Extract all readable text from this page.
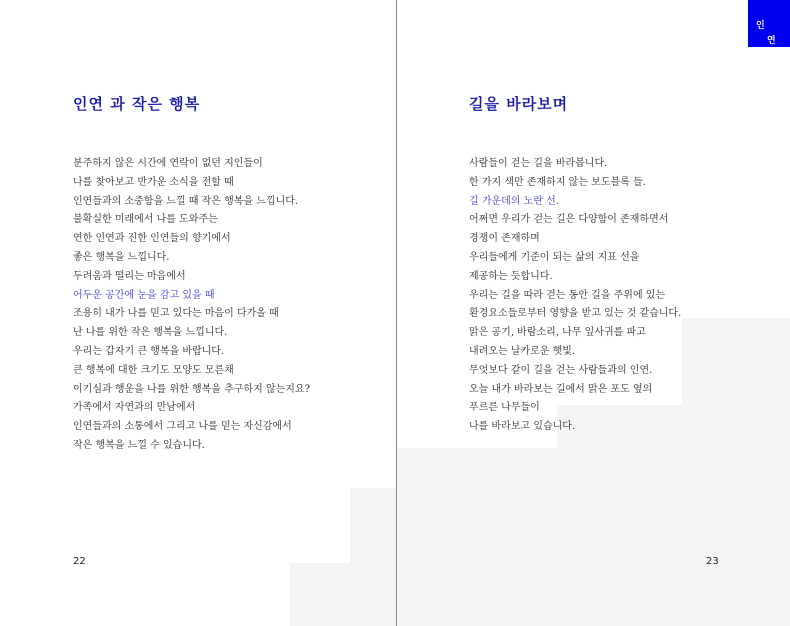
인연 과 작은 행복
분주하지 않은 시간에 연락이 없던 지인들이
나를 찾아보고 반가운 소식을 전할 때
인연들과의 소중함을 느낄 때 작은 행복을 느낍니다.
불확실한 미래에서 나를 도와주는
연한 인연과 진한 인연들의 향기에서
좋은 행복을 느낍니다.
두려움과 떨리는 마음에서
어두운 공간에 눈을 감고 있을 때
조용히 내가 나를 믿고 있다는 마음이 다가올 때
난 나를 위한 작은 행복을 느낍니다.
우리는 갑자기 큰 행복을 바랍니다.
큰 행복에 대한 크기도 모양도 모른채
이기심과 행운을 나를 위한 행복을 추구하지 않는지요?
가족에서 자연과의 만남에서
인연들과의 소통에서 그리고 나를 믿는 자신감에서
작은 행복을 느낄 수 있습니다.
22
길을 바라보며
사람들이 걷는 길을 바라봅니다.
한 가지 색만 존재하지 않는 보도블록 들.
길 가운데의 노란 선.
어쩌면 우리가 걷는 길은 다양함이 존재하면서
경쟁이 존재하며
우리들에게 기준이 되는 삶의 지표 선을
제공하는 듯합니다.
우리는 길을 따라 걷는 동안 길을 주위에 있는
환경요소들로부터 영향을 받고 있는 것 같습니다.
맑은 공기, 바람소리, 나무 잎사귀를 파고
내려오는 날카로운 햇빛.
무엇보다 같이 길을 걷는 사람들과의 인연.
오늘 내가 바라보는 길에서 맑은 포도 옆의
푸르른 나무들이
나를 바라보고 있습니다.
23
인
연
